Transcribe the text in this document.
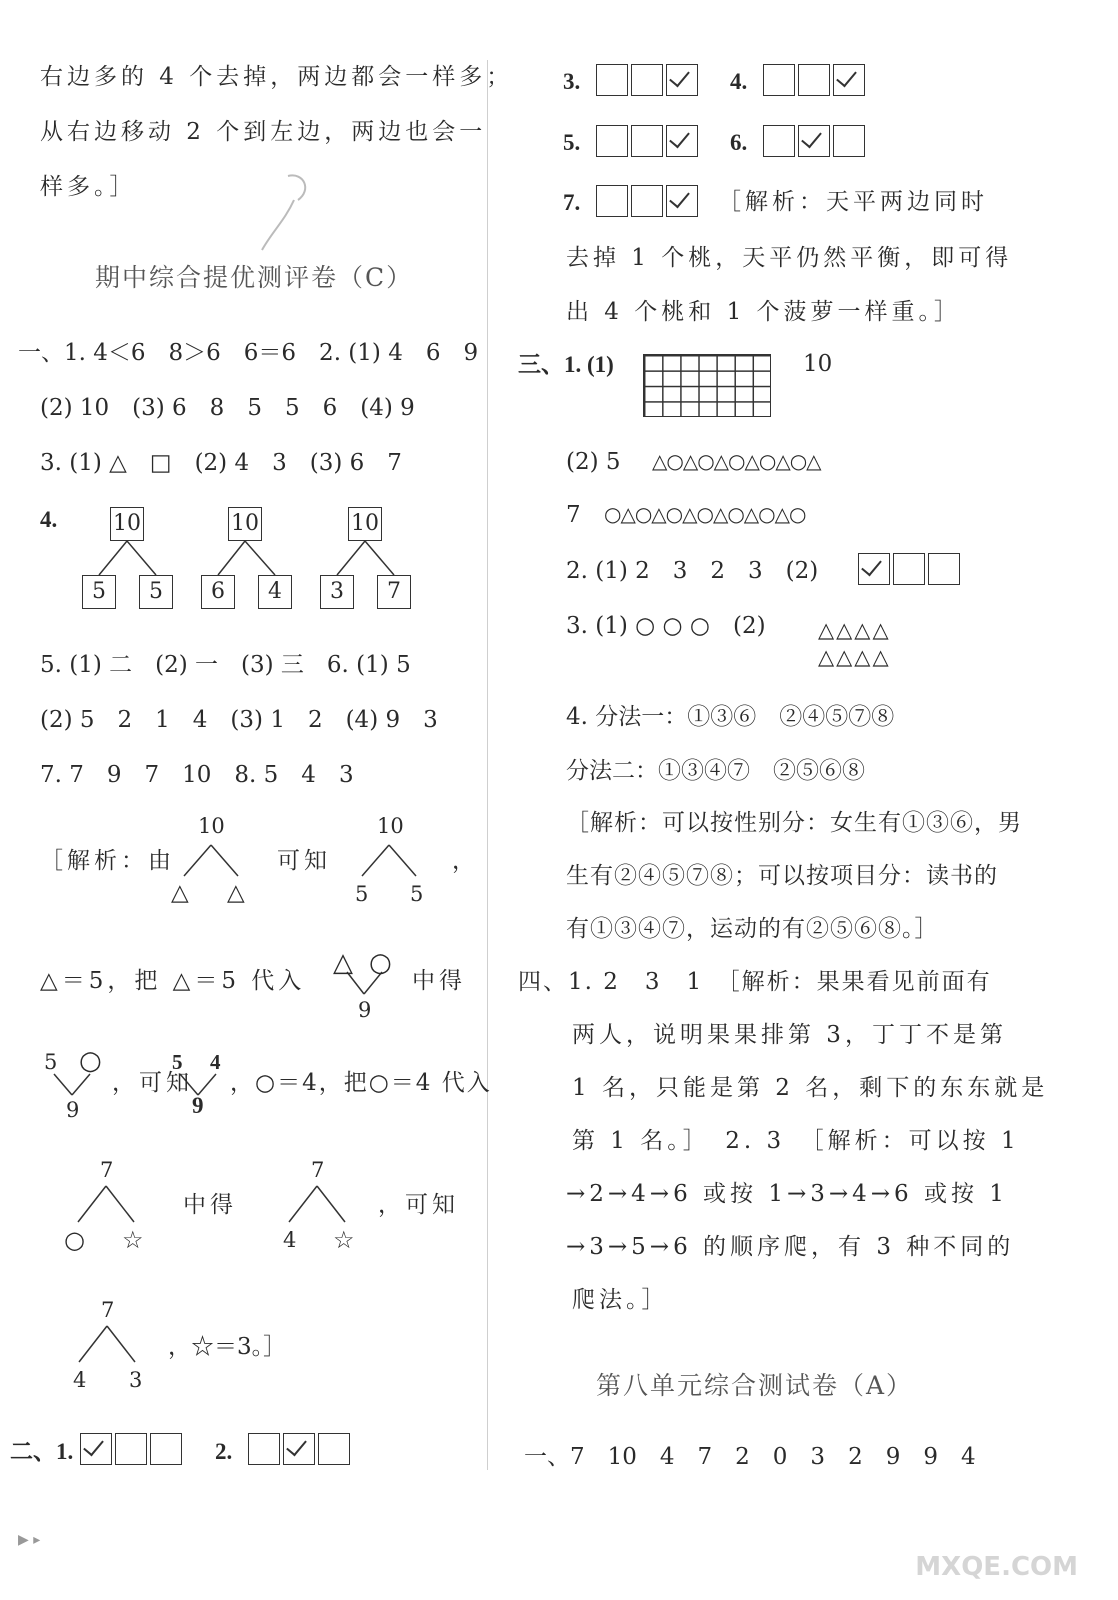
右边多的 4 个去掉，两边都会一样多；
从右边移动 2 个到左边，两边也会一
样多。］
期中综合提优测评卷（C）
一、1. 4＜6　8＞6　6＝6　2. (1) 4　6　9
(2) 10　(3) 6　8　5　5　6　(4) 9
3. (1) △　□　(2) 4　3　(3) 6　7
4.	10
5	5
10
6	4
10
3	7
5. (1) 二　(2) 一　(3) 三　6. (1) 5
(2) 5　2　1　4　(3) 1　2　(4) 9　3
7. 7　9　7　10　8. 5　4　3
10
［解析：由
△ △
可知
10
5 5
，
△＝5，把 △＝5 代入
△ ○
9
中得
5 ○
9
，可知
5 4
9
，○＝4，把○＝4 代入
7
○ ☆
中得
7
4 ☆
，可知
7
4 3
，☆＝3。］
二、1.	2.
3.	4.
5.	6.
7.	［解析：天平两边同时
去掉 1 个桃，天平仍然平衡，即可得
出 4 个桃和 1 个菠萝一样重。］
三、1. (1)	10
(2) 5 △○△○△○△○△○△
7 ○△○△○△○△○△○△○
2. (1) 2　3　2　3　(2)
3. (1) ○ ○ ○　(2) △△△△
△△△△
4. 分法一：①③⑥　②④⑤⑦⑧
分法二：①③④⑦　②⑤⑥⑧
［解析：可以按性别分：女生有①③⑥，男
生有②④⑤⑦⑧；可以按项目分：读书的
有①③④⑦，运动的有②⑤⑥⑧。］
四、1. 2　3　1　［解析：果果看见前面有
两人，说明果果排第 3，丁丁不是第
1 名，只能是第 2 名，剩下的东东就是
第 1 名。］　2. 3　［解析：可以按 1
→2→4→6 或按 1→3→4→6 或按 1
→3→5→6 的顺序爬，有 3 种不同的
爬法。］
第八单元综合测试卷（A）
一、7　10　4　7　2　0　3　2　9　9　4
▶ ▸
MXQE.COM
